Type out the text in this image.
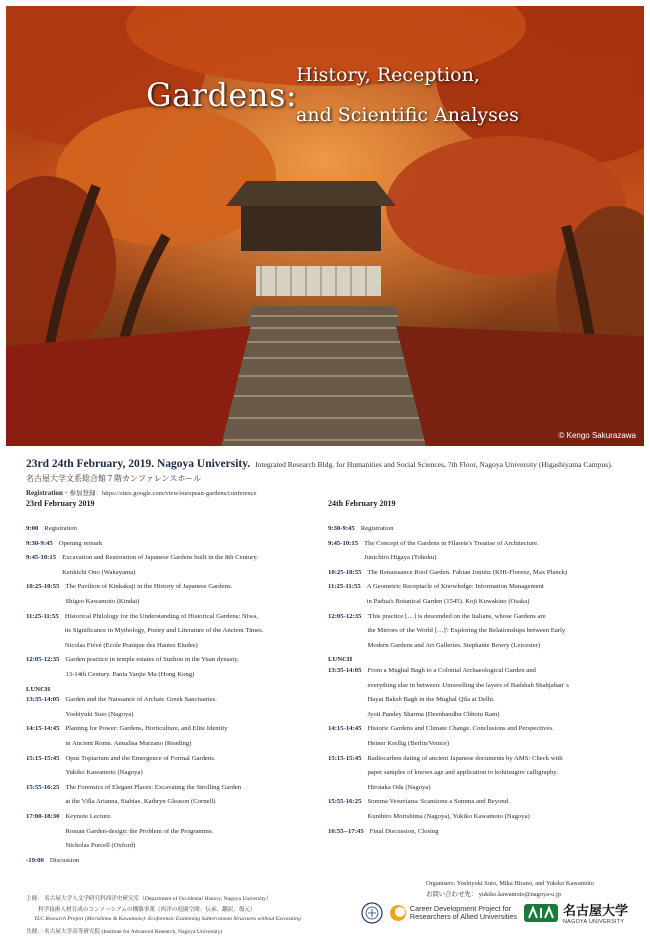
Gardens:
History, Reception,
and Scientific Analyses
© Kengo Sakurazawa
23rd 24th February, 2019. Nagoya University. Integrated Research Bldg. for Humanities and Social Sciences, 7th Floor, Nagoya University (Higashiyama Campus).
名古屋大学文系総合館７階カンファレンスホール
Registration・参加登録：https://sites.google.com/view/european-gardens/conference
23rd February 2019
9:00 Registration
9:30-9:45 Opening remark
9:45-10:15 Excavation and Restoration of Japanese Gardens built in the 8th Century.
Kenkichi Ono (Wakayama)
10:25-10:55 The Pavilion of Kinkakuji in the History of Japanese Gardens.
Shigeo Kawamoto (Kindai)
11:25-11:55 Historical Philology for the Understanding of Historical Gardens: Niwa,
its Significance in Mythology, Poetry and Literature of the Ancient Times.
Nicolas Fiévé (Ecole Pratique des Hautes Etudes)
12:05-12:35 Garden practice in temple estates of Suzhou in the Yuan dynasty,
13-14th Century. Pania Yanjie Mu (Hong Kong)
LUNCH
13:35-14:05 Garden and the Naissance of Archaic Greek Sanctuaries.
Yoshiyuki Suto (Nagoya)
14:15-14:45 Planting for Power: Gardens, Horticulture, and Elite Identity
in Ancient Rome. Annalisa Marzano (Reading)
15:15-15:45 Opus Topiarium and the Emergence of Formal Gardens.
Yukiko Kawamoto (Nagoya)
15:55-16:25 The Forensics of Elegant Places: Excavating the Strolling Garden
at the Villa Arianna, Stabiae. Kathryn Gleason (Cornell)
17:00-18:30 Keynote Lecture.
Roman Garden-design: the Problem of the Programme.
Nicholas Purcell (Oxford)
-19:00 Discussion
24th February 2019
9:30-9:45 Registration
9:45-10:15 The Concept of the Gardens in Filarete's Treatise of Architecture.
Junichiro Higaya (Tohoku)
10:25-10:55 The Renaissance Roof Garden. Fabian Jonietz (KHI-Florenz, Max Planck)
11:25-11:55 A Geometric Receptacle of Knowledge: Information Management
in Padua's Botanical Garden (1545). Koji Kuwakino (Osaka)
12:05-12:35 'This practice […] is descended on the Italians, whose Gardens are
the Mirrors of the World […]': Exploring the Relationships between Early
Modern Gardens and Art Galleries. Stephanie Bowry (Leicester)
LUNCH
13:35-14:05 From a Mughal Bagh to a Colonial Archaeological Garden and
everything else in between: Unravelling the layers of Badshah Shahjahan' s
Hayat Baksh Bagh in the Mughal Qila at Delhi.
Jyoti Pandey Sharma (Deenbandhu Chhotu Ram)
14:15-14:45 Historic Gardens and Climate Change. Conclusions and Perspectives.
Heiner Krellig (Berlin/Venice)
15:15-15:45 Radiocarbon dating of ancient Japanese documents by AMS: Check with
paper samples of known age and application to kohitsugire calligraphy.
Hirotaka Oda (Nagoya)
15:55-16:25 Somma Vesuviana: Scansione a Somma and Beyond.
Kunihiro Morishima (Nagoya), Yukiko Kawamoto (Nagoya)
16:55--17:45 Final Discussion, Closing
Organisers: Yoshiyuki Suto, Mika Hirano, and Yukiko Kawamoto
お問い合わせ先： yukiko.kawamoto@nagoya-u.jp
主催： 名古屋大学人文学研究科西洋史研究室（Department of Occidental History, Nagoya University）
科学技術人材育成のコンソーシアムの構築事業（西洋の庭園空間：伝承、翻訳、復元）
YLC Research Project (Morishima & Kawamoto): Ecoforensic Examining Subterranean Structures without Excavating
共催： 名古屋大学高等研究院 (Institute for Advanced Research, Nagoya University)
Career Development Project for
Researchers of Allied Universities	名古屋大学
NAGOYA UNIVERSITY
